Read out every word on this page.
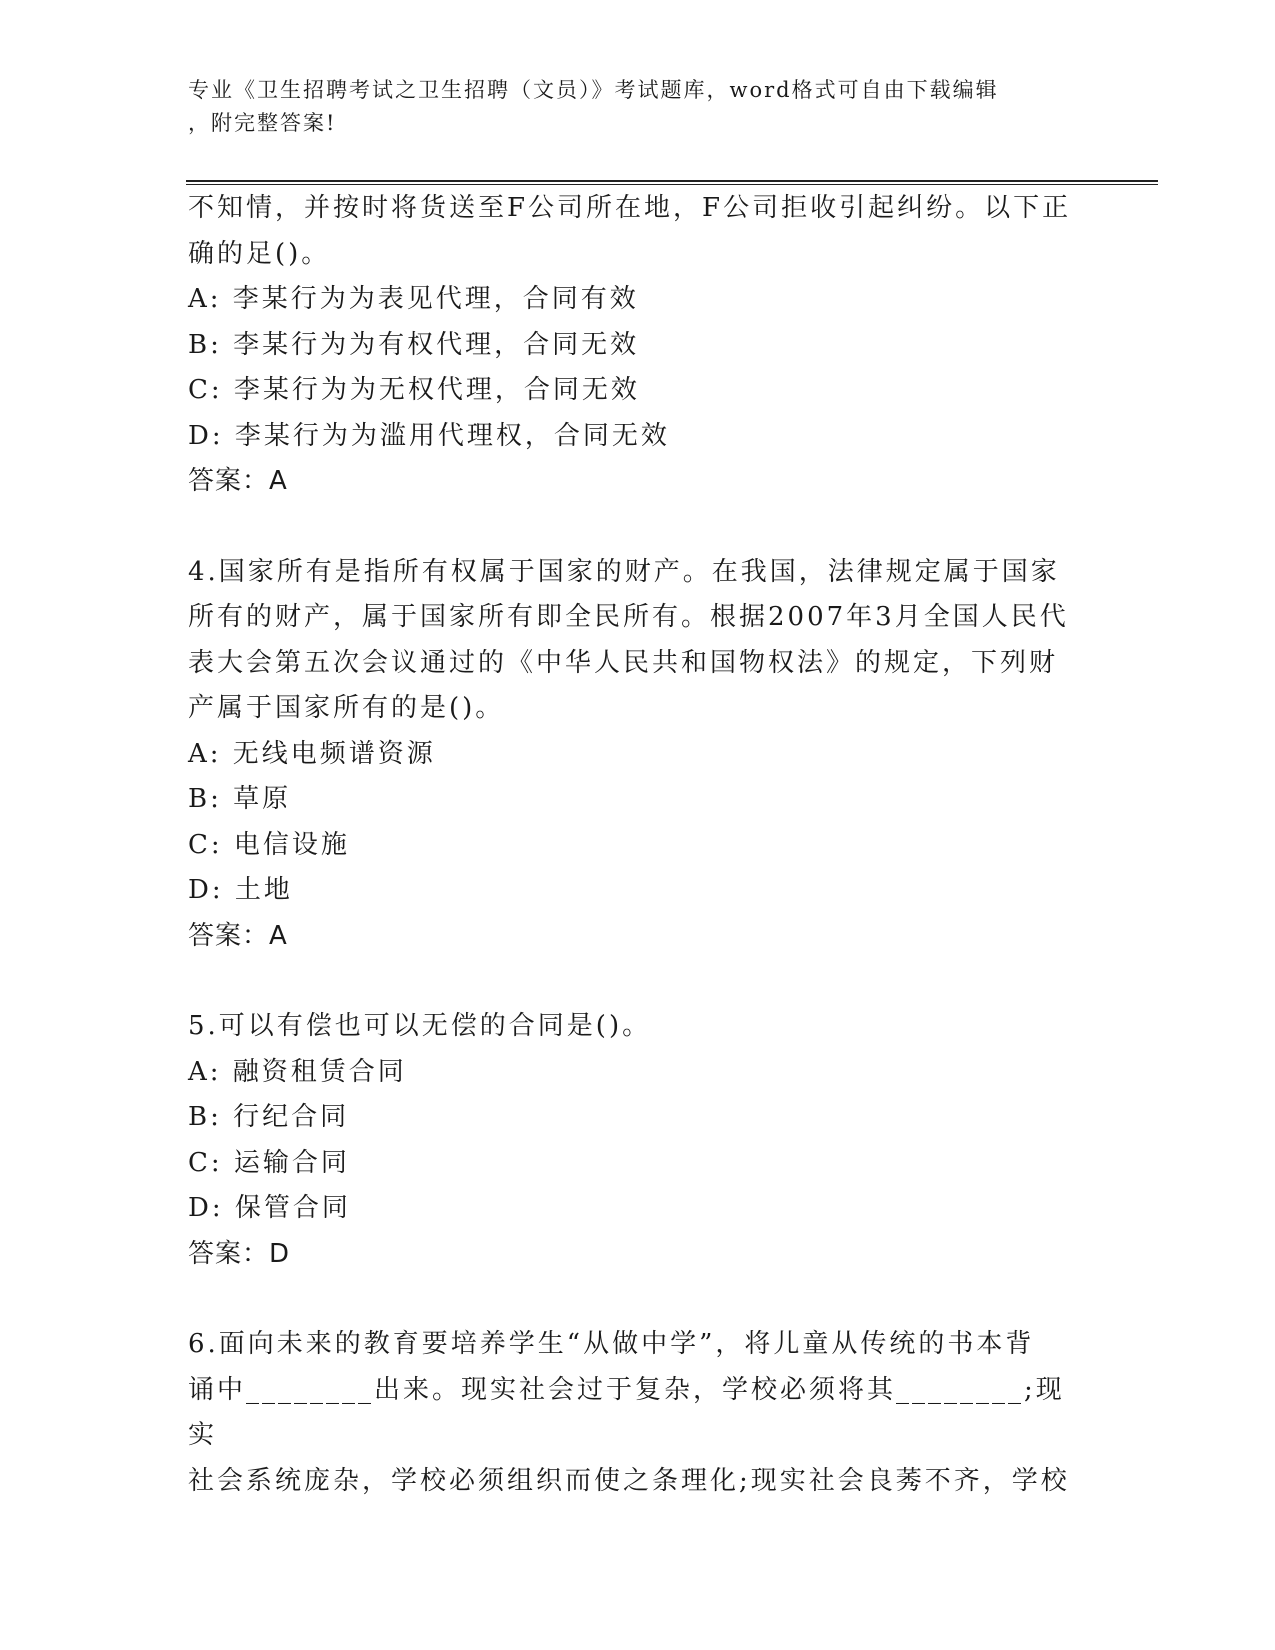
专业《卫生招聘考试之卫生招聘（文员）》考试题库，word格式可自由下载编辑
，附完整答案!
不知情，并按时将货送至F公司所在地，F公司拒收引起纠纷。以下正
确的足()。
A: 李某行为为表见代理，合同有效
B: 李某行为为有权代理，合同无效
C: 李某行为为无权代理，合同无效
D: 李某行为为滥用代理权，合同无效
答案：A
4.国家所有是指所有权属于国家的财产。在我国，法律规定属于国家
所有的财产，属于国家所有即全民所有。根据2007年3月全国人民代
表大会第五次会议通过的《中华人民共和国物权法》的规定，下列财
产属于国家所有的是()。
A: 无线电频谱资源
B: 草原
C: 电信设施
D: 土地
答案：A
5.可以有偿也可以无偿的合同是()。
A: 融资租赁合同
B: 行纪合同
C: 运输合同
D: 保管合同
答案：D
6.面向未来的教育要培养学生“从做中学”，将儿童从传统的书本背
诵中________出来。现实社会过于复杂，学校必须将其________;现实
社会系统庞杂，学校必须组织而使之条理化;现实社会良莠不齐，学校
